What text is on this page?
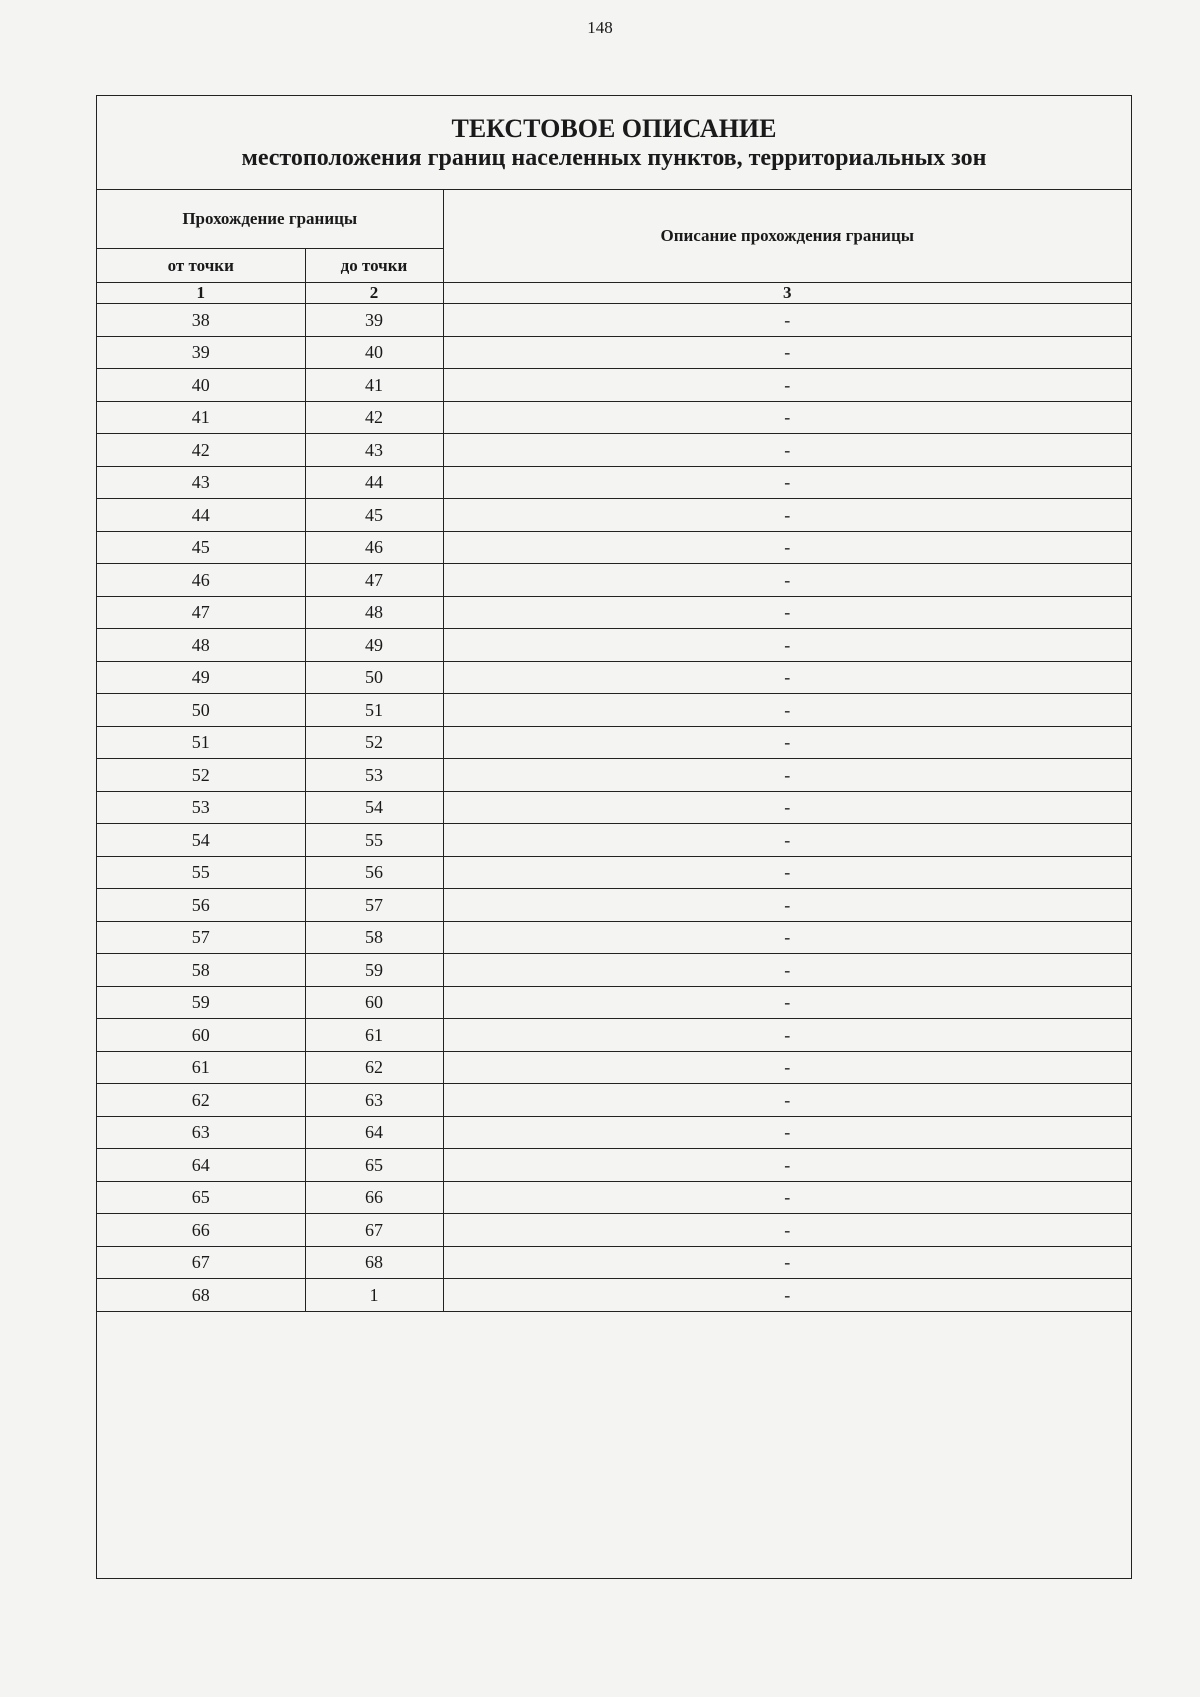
148
ТЕКСТОВОЕ ОПИСАНИЕ
местоположения границ населенных пунктов, территориальных зон
Прохождение границы		Описание прохождения границы
от точки	до точки	
1	2	3
38	39	-
39	40	-
40	41	-
41	42	-
42	43	-
43	44	-
44	45	-
45	46	-
46	47	-
47	48	-
48	49	-
49	50	-
50	51	-
51	52	-
52	53	-
53	54	-
54	55	-
55	56	-
56	57	-
57	58	-
58	59	-
59	60	-
60	61	-
61	62	-
62	63	-
63	64	-
64	65	-
65	66	-
66	67	-
67	68	-
68	1	-
